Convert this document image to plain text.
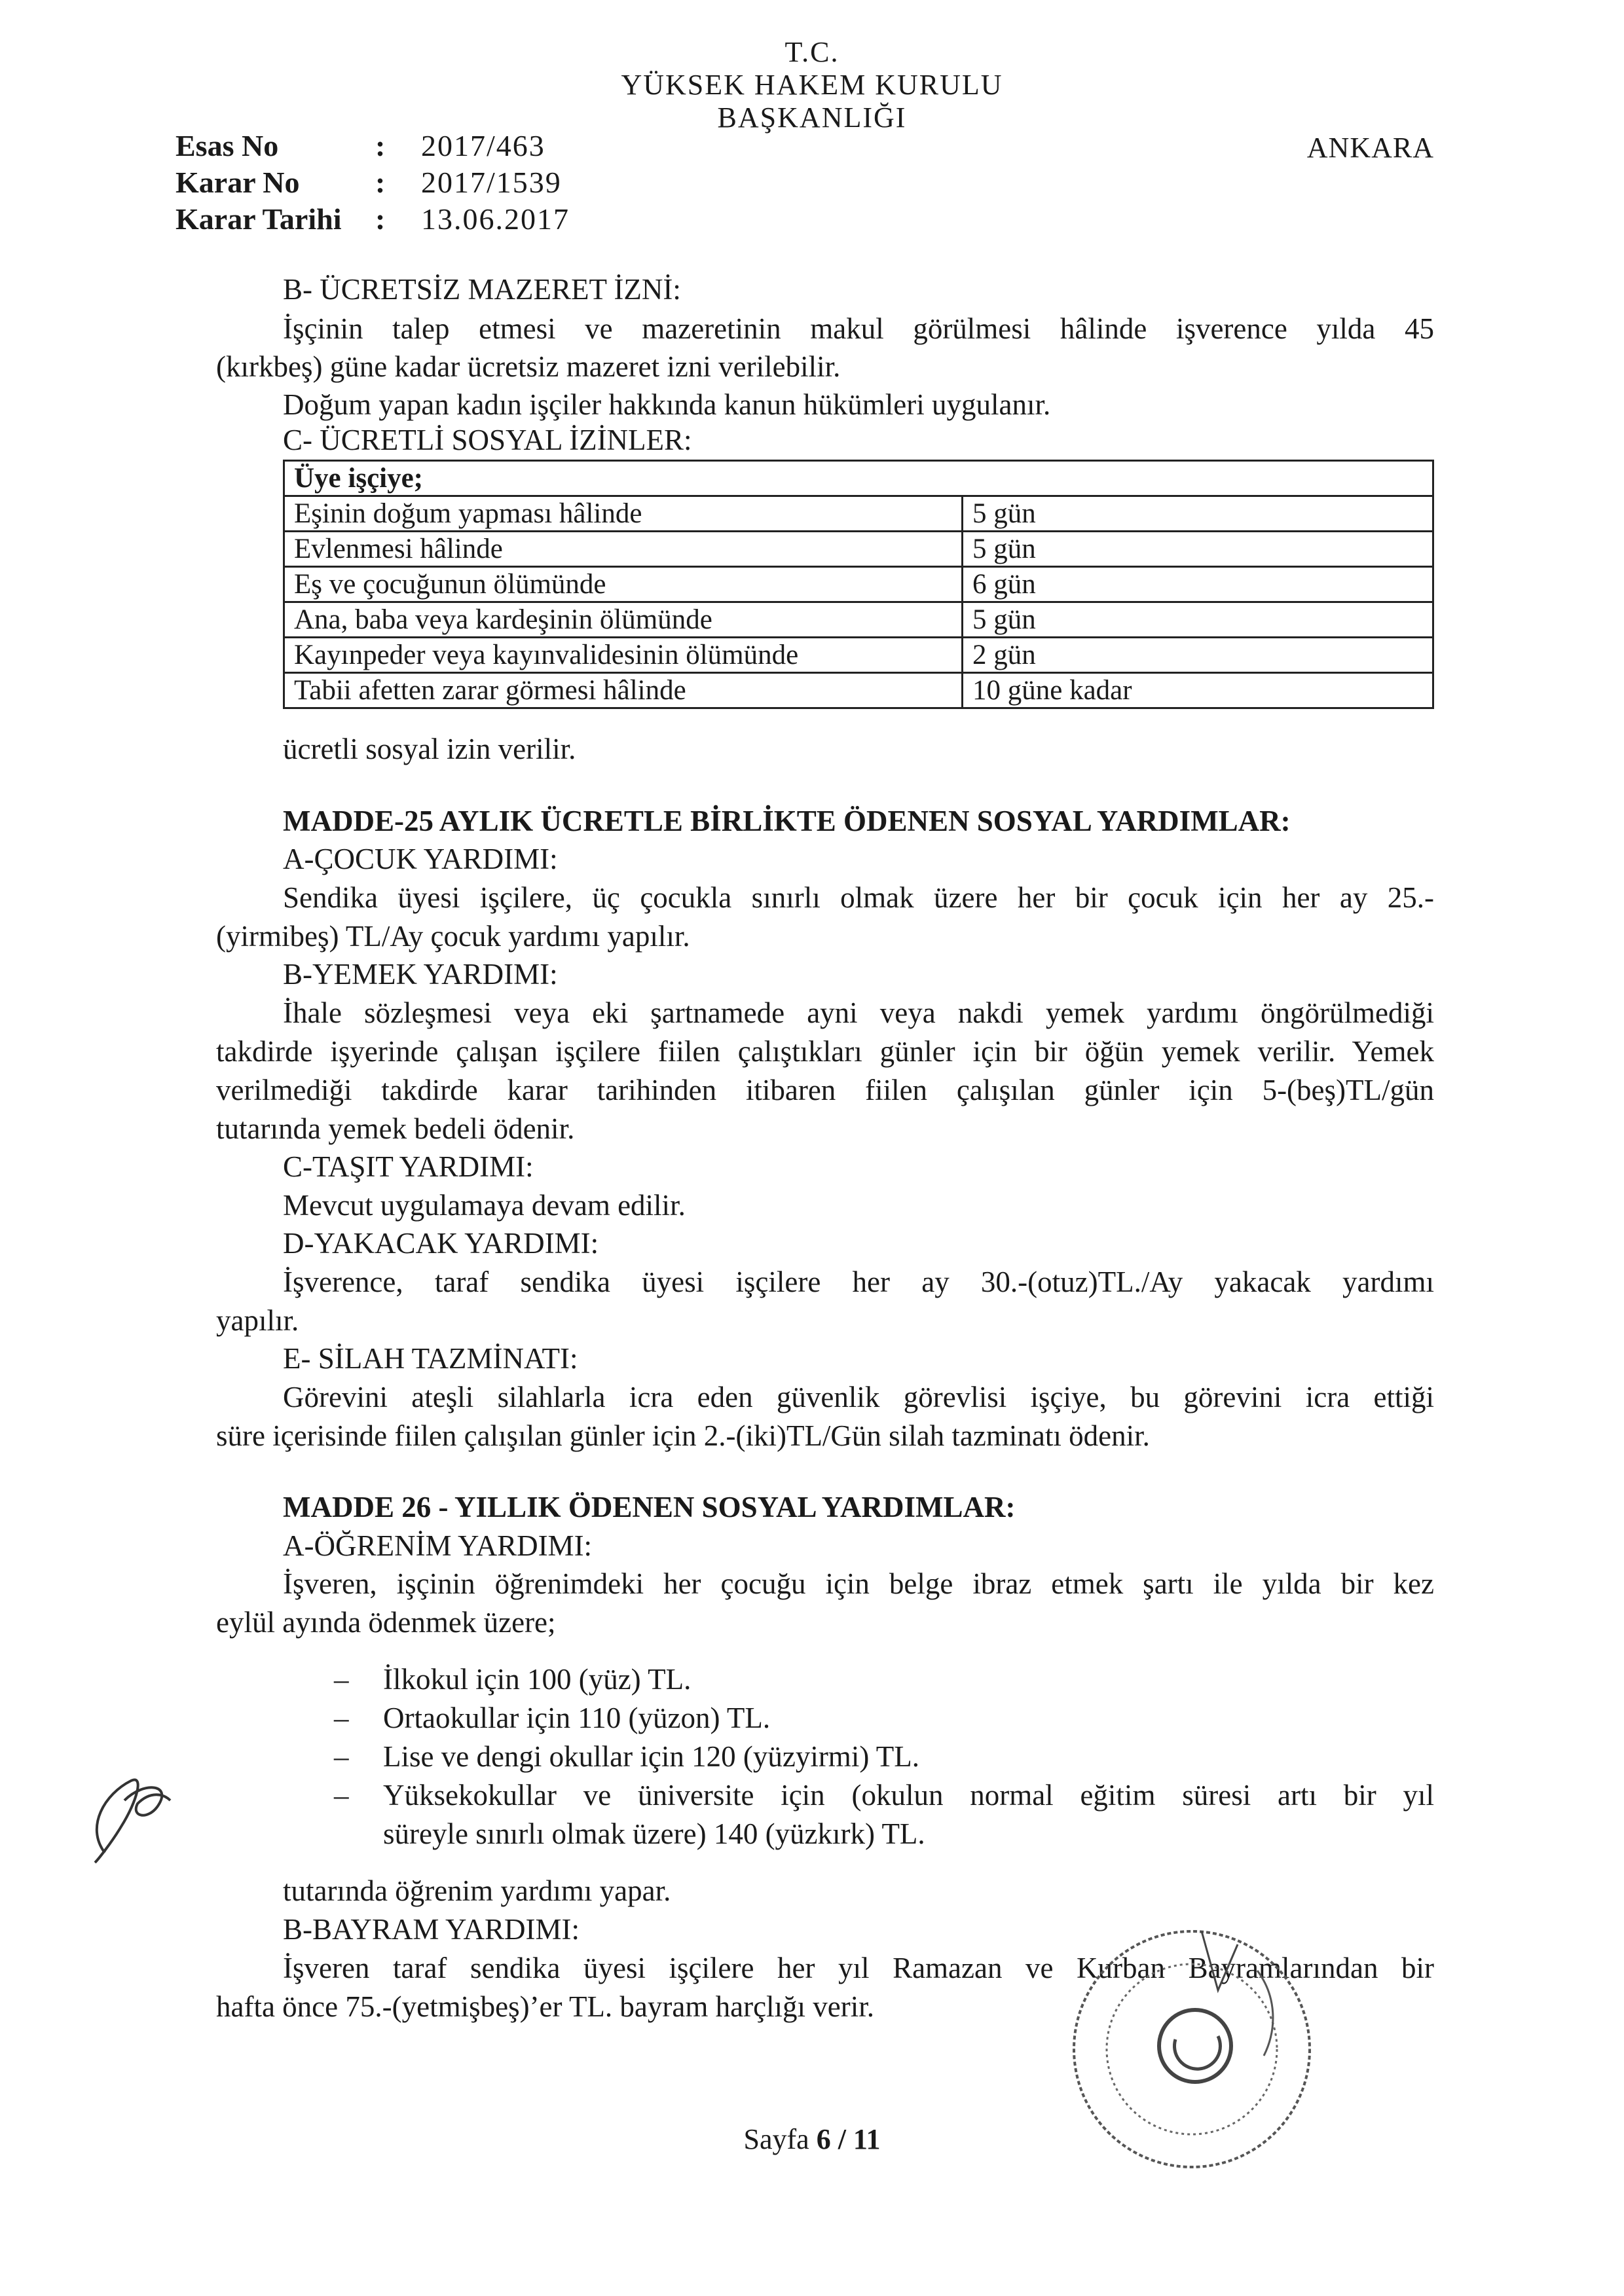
T.C.
YÜKSEK HAKEM KURULU
BAŞKANLIĞI
Esas No	: 2017/463
Karar No	: 2017/1539
Karar Tarihi : 13.06.2017
ANKARA
B- ÜCRETSİZ MAZERET İZNİ:
İşçinin talep etmesi ve mazeretinin makul görülmesi hâlinde işverence yılda 45
(kırkbeş) güne kadar ücretsiz mazeret izni verilebilir.
Doğum yapan kadın işçiler hakkında kanun hükümleri uygulanır.
C- ÜCRETLİ SOSYAL İZİNLER:
Üye işçiye;	
Eşinin doğum yapması hâlinde	5 gün
Evlenmesi hâlinde	5 gün
Eş ve çocuğunun ölümünde	6 gün
Ana, baba veya kardeşinin ölümünde	5 gün
Kayınpeder veya kayınvalidesinin ölümünde	2 gün
Tabii afetten zarar görmesi hâlinde	10 güne kadar
ücretli sosyal izin verilir.
MADDE-25 AYLIK ÜCRETLE BİRLİKTE ÖDENEN SOSYAL YARDIMLAR:
A-ÇOCUK YARDIMI:
Sendika üyesi işçilere, üç çocukla sınırlı olmak üzere her bir çocuk için her ay 25.-
(yirmibeş) TL/Ay çocuk yardımı yapılır.
B-YEMEK YARDIMI:
İhale sözleşmesi veya eki şartnamede ayni veya nakdi yemek yardımı öngörülmediği
takdirde işyerinde çalışan işçilere fiilen çalıştıkları günler için bir öğün yemek verilir. Yemek
verilmediği takdirde karar tarihinden itibaren fiilen çalışılan günler için 5-(beş)TL/gün
tutarında yemek bedeli ödenir.
C-TAŞIT YARDIMI:
Mevcut uygulamaya devam edilir.
D-YAKACAK YARDIMI:
İşverence, taraf sendika üyesi işçilere her ay 30.-(otuz)TL./Ay yakacak yardımı
yapılır.
E- SİLAH TAZMİNATI:
Görevini ateşli silahlarla icra eden güvenlik görevlisi işçiye, bu görevini icra ettiği
süre içerisinde fiilen çalışılan günler için 2.-(iki)TL/Gün silah tazminatı ödenir.
MADDE 26 - YILLIK ÖDENEN SOSYAL YARDIMLAR:
A-ÖĞRENİM YARDIMI:
İşveren, işçinin öğrenimdeki her çocuğu için belge ibraz etmek şartı ile yılda bir kez
eylül ayında ödenmek üzere;
– İlkokul için 100 (yüz) TL.
– Ortaokullar için 110 (yüzon) TL.
– Lise ve dengi okullar için 120 (yüzyirmi) TL.
– Yüksekokullar ve üniversite için (okulun normal eğitim süresi artı bir yıl
süreyle sınırlı olmak üzere) 140 (yüzkırk) TL.
tutarında öğrenim yardımı yapar.
B-BAYRAM YARDIMI:
İşveren taraf sendika üyesi işçilere her yıl Ramazan ve Kurban Bayramlarından bir
hafta önce 75.-(yetmişbeş)’er TL. bayram harçlığı verir.
Sayfa 6 / 11
